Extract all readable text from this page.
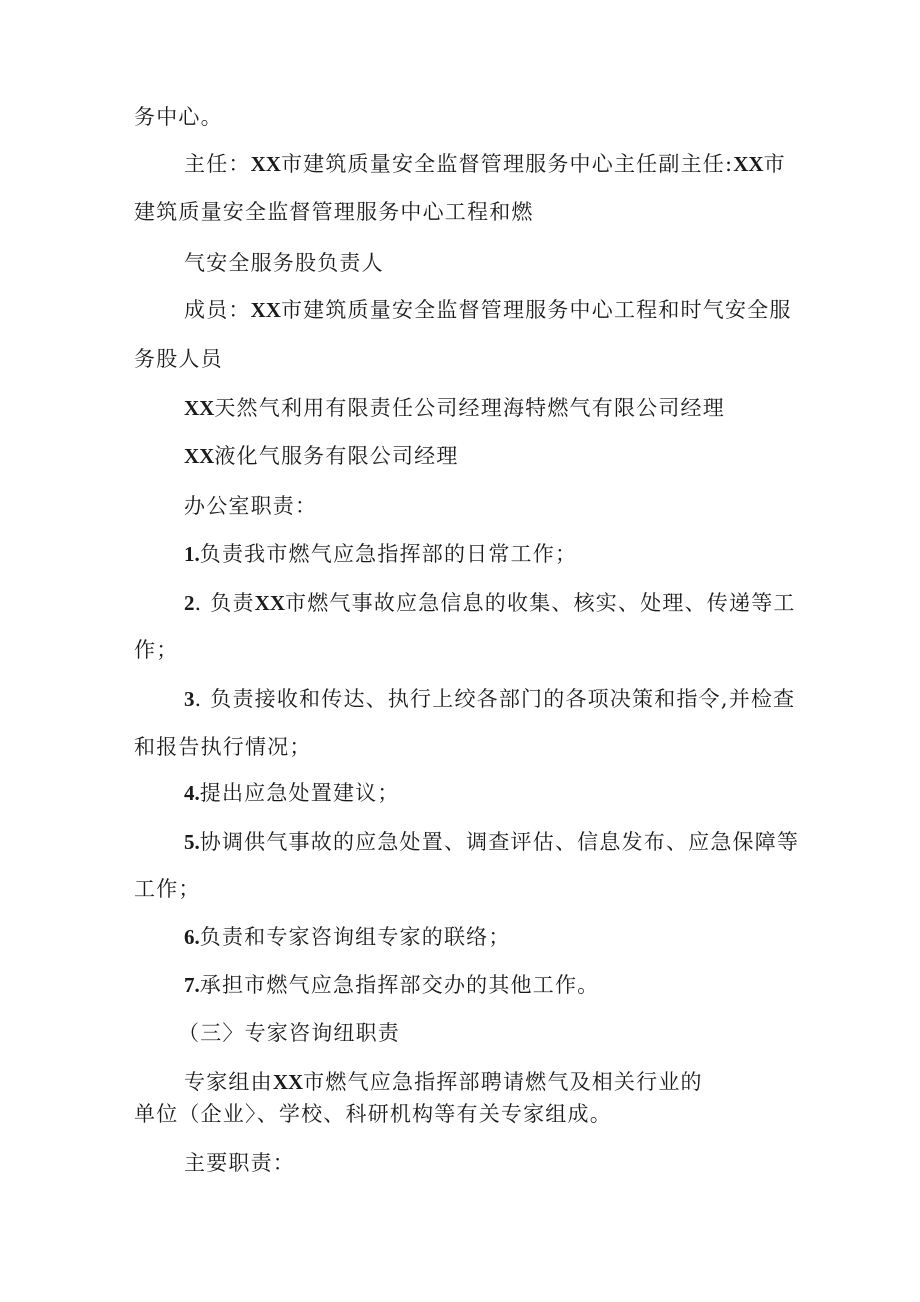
务中心。
主任：XX市建筑质量安全监督管理服务中心主任副主任:XX市
建筑质量安全监督管理服务中心工程和燃
气安全服务股负责人
成员：XX市建筑质量安全监督管理服务中心工程和时气安全服
务股人员
XX天然气利用有限责任公司经理海特燃气有限公司经理
XX液化气服务有限公司经理
办公室职责：
1.负责我市燃气应急指挥部的日常工作；
2. 负责XX市燃气事故应急信息的收集、核实、处理、传递等工
作；
3. 负责接收和传达、执行上绞各部门的各项决策和指令,并检查
和报告执行情况；
4.提出应急处置建议；
5.协调供气事故的应急处置、调查评估、信息发布、应急保障等
工作；
6.负责和专家咨询组专家的联络；
7.承担市燃气应急指挥部交办的其他工作。
（三〉专家咨询纽职责
专家组由XX市燃气应急指挥部聘请燃气及相关行业的
单位（企业〉、学校、科研机构等有关专家组成。
主要职责：
